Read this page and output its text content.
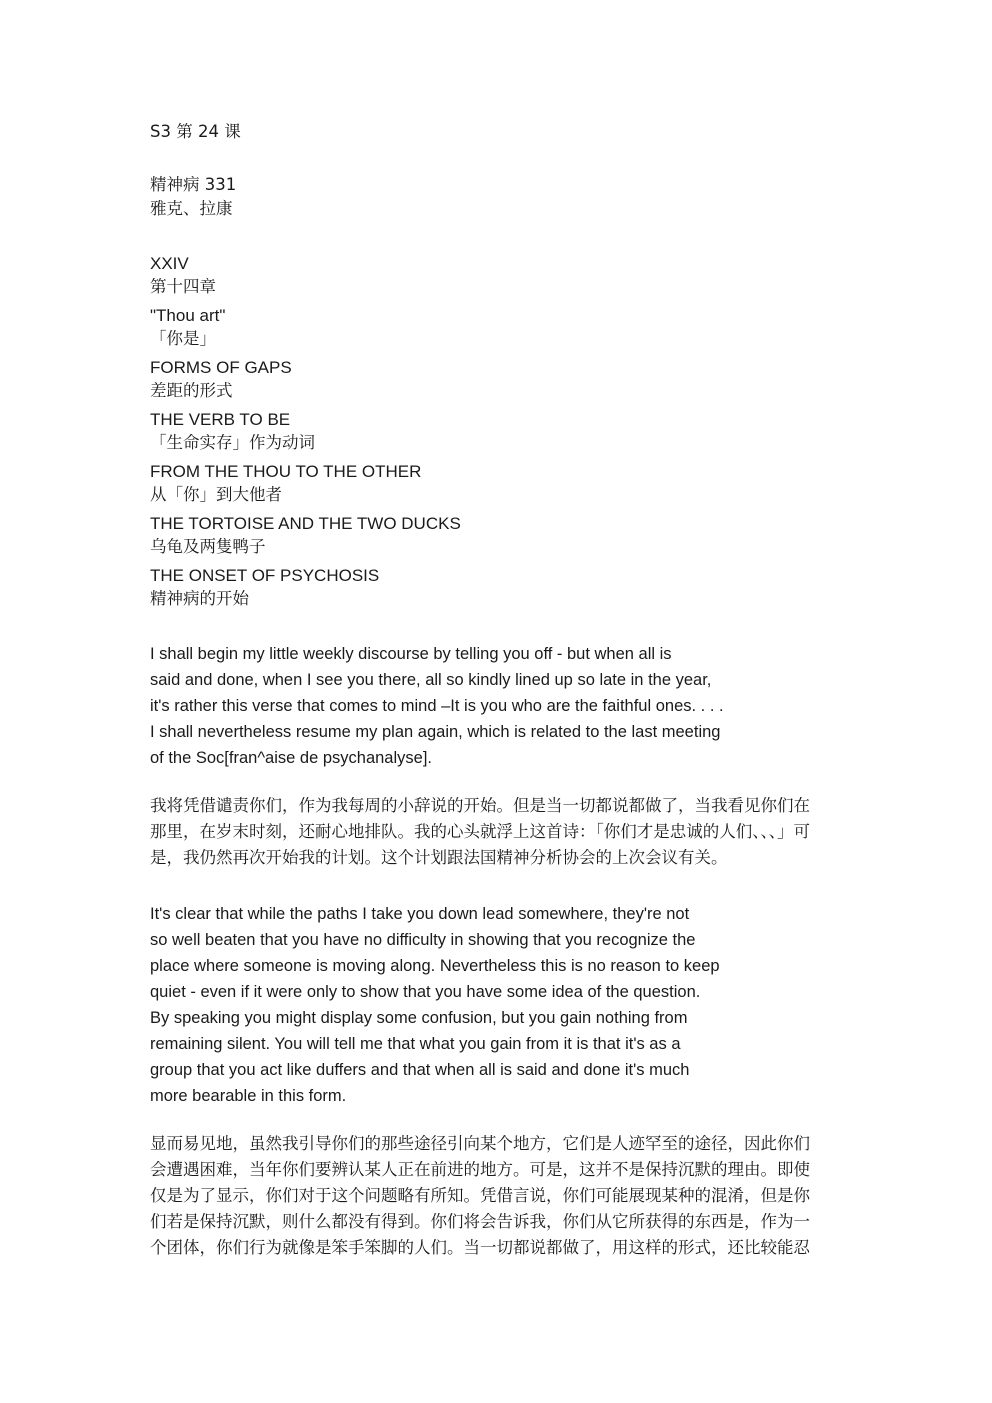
S3 第 24 课
精神病 331
雅克、拉康
XXIV
第十四章
"Thou art"
「你是」
FORMS OF GAPS
差距的形式
THE VERB TO BE
「生命实存」作为动词
FROM THE THOU TO THE OTHER
从「你」到大他者
THE TORTOISE AND THE TWO DUCKS
乌龟及两隻鸭子
THE ONSET OF PSYCHOSIS
精神病的开始
I shall begin my little weekly discourse by telling you off - but when all is
said and done, when I see you there, all so kindly lined up so late in the year,
it's rather this verse that comes to mind –It is you who are the faithful ones. . . .
I shall nevertheless resume my plan again, which is related to the last meeting
of the Soc[fran^aise de psychanalyse].
我将凭借谴责你们，作为我每周的小辞说的开始。但是当一切都说都做了，当我看见你们在
那里，在岁末时刻，还耐心地排队。我的心头就浮上这首诗：「你们才是忠诚的人们、、、」可
是，我仍然再次开始我的计划。这个计划跟法国精神分析协会的上次会议有关。
It's clear that while the paths I take you down lead somewhere, they're not
so well beaten that you have no difficulty in showing that you recognize the
place where someone is moving along. Nevertheless this is no reason to keep
quiet - even if it were only to show that you have some idea of the question.
By speaking you might display some confusion, but you gain nothing from
remaining silent. You will tell me that what you gain from it is that it's as a
group that you act like duffers and that when all is said and done it's much
more bearable in this form.
显而易见地，虽然我引导你们的那些途径引向某个地方，它们是人迹罕至的途径，因此你们
会遭遇困难，当年你们要辨认某人正在前进的地方。可是，这并不是保持沉默的理由。即使
仅是为了显示，你们对于这个问题略有所知。凭借言说，你们可能展现某种的混淆，但是你
们若是保持沉默，则什么都没有得到。你们将会告诉我，你们从它所获得的东西是，作为一
个团体，你们行为就像是笨手笨脚的人们。当一切都说都做了，用这样的形式，还比较能忍
